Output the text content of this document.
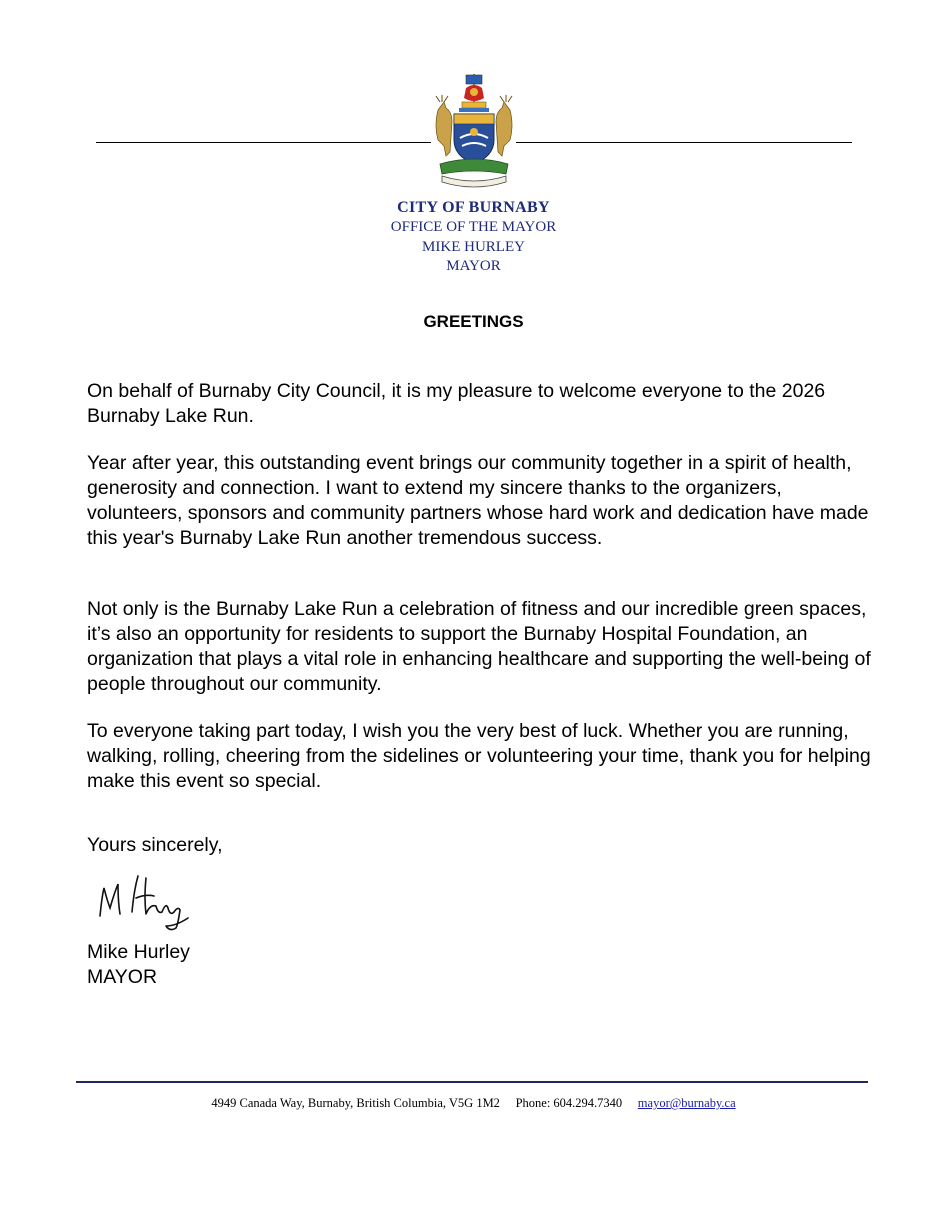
CITY OF BURNABY
OFFICE OF THE MAYOR
MIKE HURLEY
MAYOR
GREETINGS

On behalf of Burnaby City Council, it is my pleasure to welcome everyone to the 2026 Burnaby Lake Run.

Year after year, this outstanding event brings our community together in a spirit of health, generosity and connection. I want to extend my sincere thanks to the organizers, volunteers, sponsors and community partners whose hard work and dedication have made this year's Burnaby Lake Run another tremendous success.

Not only is the Burnaby Lake Run a celebration of fitness and our incredible green spaces, it’s also an opportunity for residents to support the Burnaby Hospital Foundation, an organization that plays a vital role in enhancing healthcare and supporting the well-being of people throughout our community.

To everyone taking part today, I wish you the very best of luck. Whether you are running, walking, rolling, cheering from the sidelines or volunteering your time, thank you for helping make this event so special.

Yours sincerely,
Mike Hurley
MAYOR
4949 Canada Way, Burnaby, British Columbia, V5G 1M2 Phone: 604.294.7340 mayor@burnaby.ca
